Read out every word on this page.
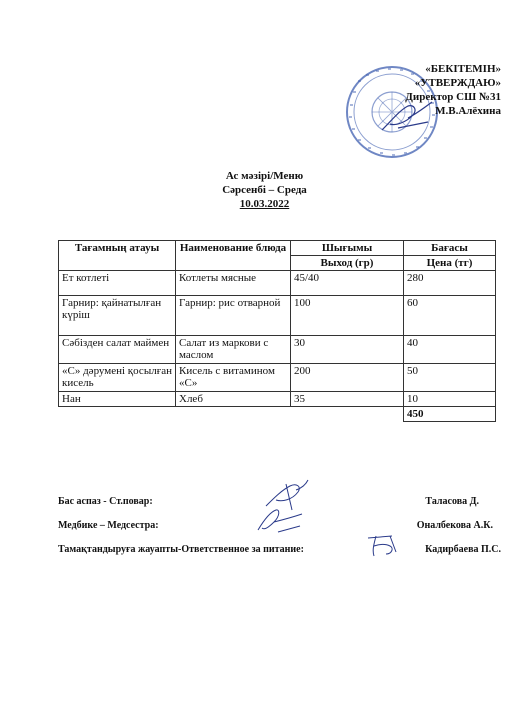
«БЕКІТЕМІН»
«УТВЕРЖДАЮ»
Директор СШ №31
М.В.Алёхина
Ас мәзірі/Меню
Сәрсенбі – Среда
10.03.2022
Тағамның атауы	Наименование блюда	Шығымы	Бағасы
		Выход (гр)	Цена (тг)
Ет котлеті	Котлеты мясные	45/40	280
Гарнир: қайнатылған күріш	Гарнир: рис отварной	100	60
Сәбізден салат маймен	Салат из маркови с маслом	30	40
«С» дәрумені қосылған кисель	Кисель с витамином «С»	200	50
Нан	Хлеб	35	10
			450
Бас аспаз - Ст.повар:	Таласова Д.
Медбике – Медсестра:	Оналбекова А.К.
Тамақтандыруға жауапты-Ответственное за питание:	Кадирбаева П.С.
